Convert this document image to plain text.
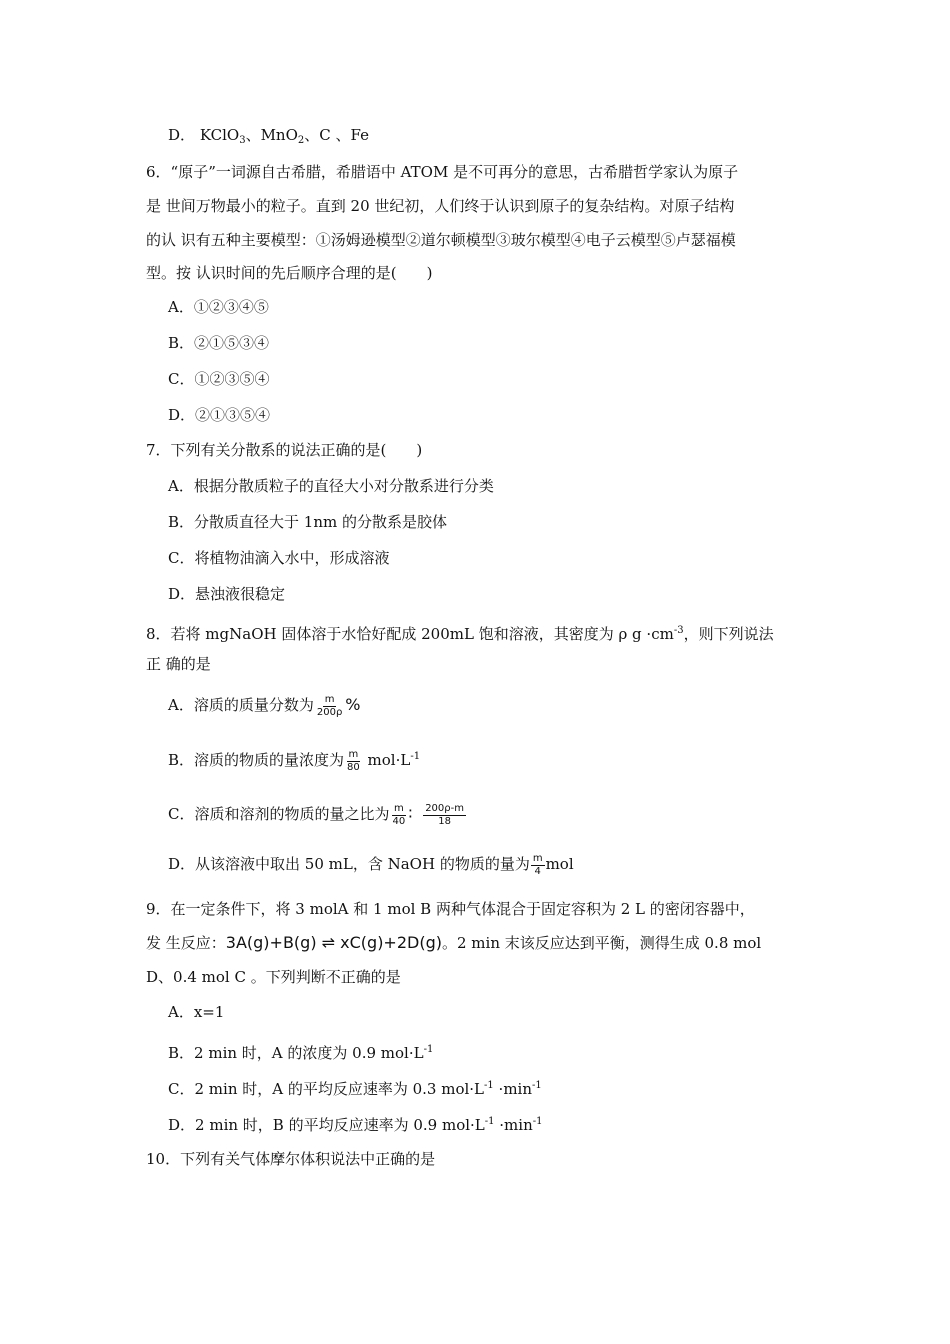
D． KClO$_3$、MnO$_2$、C 、Fe
6．“原子”一词源自古希腊，希腊语中 ATOM 是不可再分的意思，古希腊哲学家认为原子
是 世间万物最小的粒子。直到 20 世纪初，人们终于认识到原子的复杂结构。对原子结构
的认 识有五种主要模型：①汤姆逊模型②道尔顿模型③玻尔模型④电子云模型⑤卢瑟福模
型。按 认识时间的先后顺序合理的是(　　)
A．①②③④⑤
B．②①⑤③④
C．①②③⑤④
D．②①③⑤④
7．下列有关分散系的说法正确的是(　　)
A．根据分散质粒子的直径大小对分散系进行分类
B．分散质直径大于 1nm 的分散系是胶体
C．将植物油滴入水中，形成溶液
D．悬浊液很稳定
8．若将 mgNaOH 固体溶于水恰好配成 200mL 饱和溶液，其密度为 ρ $g \cdot cm^{-3}$，则下列说法
正 确的是
A．溶质的质量分数为 $\frac{m}{200\rho}$ %
B．溶质的物质的量浓度为 $\frac{m}{80} mol\cdot L^{-1}$
C．溶质和溶剂的物质的量之比为 $\frac{m}{40}$ ∶ $\frac{200\rho-m}{18}$
D．从该溶液中取出 50 mL，含 NaOH 的物质的量为 $\frac{m}{4}$ mol
9．在一定条件下，将 3 molA 和 1 mol B 两种气体混合于固定容积为 2 L 的密闭容器中，
发 生反应：3A(g)+B(g) ⇌ xC(g)+2D(g)。2 min 末该反应达到平衡，测得生成 0.8 mol
D、0.4 mol C 。下列判断不正确的是
A．x=1
B．2 min 时，A 的浓度为 0.9 $mol\cdot L^{-1}$
C．2 min 时，A 的平均反应速率为 0.3 $mol\cdot L^{-1} \cdot\min^{-1}$
D．2 min 时，B 的平均反应速率为 0.9 $mol\cdot L^{-1} \cdot\min^{-1}$
10．下列有关气体摩尔体积说法中正确的是
